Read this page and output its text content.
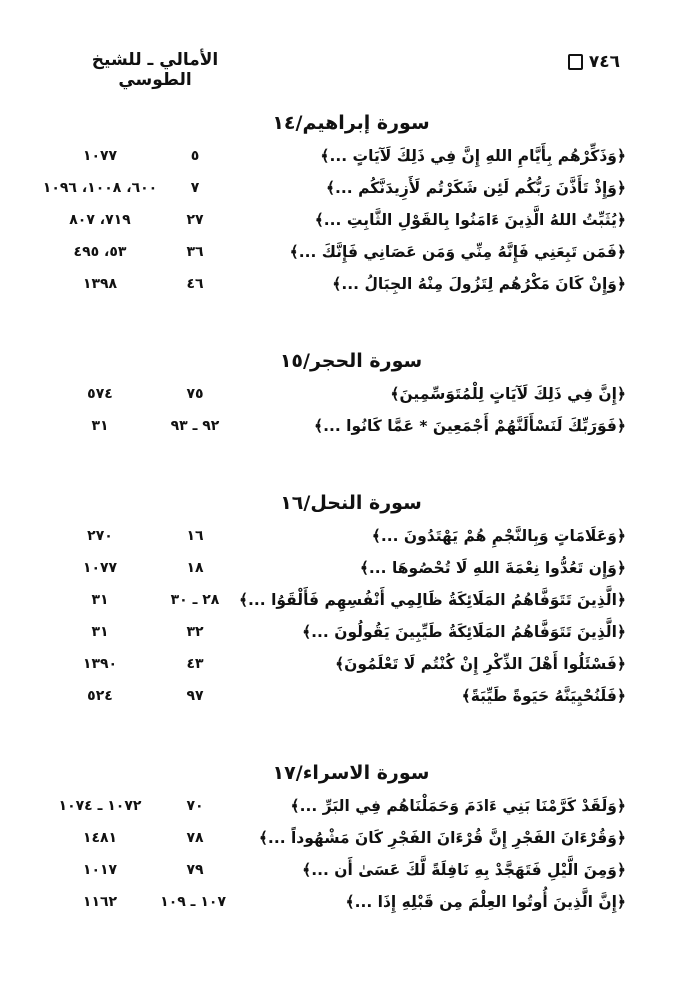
٧٤٦
الأمالي ـ للشيخ الطوسي
سورة إبراهيم/١٤
﴿وَذَكِّرْهُم بِأَيَّامِ اللهِ إِنَّ فِي ذَلِكَ لَآيَاتٍ ...﴾
٥
١٠٧٧
﴿وَإِذْ تَأَذَّنَ رَبُّكُم لَئِن شَكَرْتُم لَأَزِيدَنَّكُم ...﴾
٧
٦٠٠، ١٠٠٨، ١٠٩٦
﴿يُثَبِّتُ اللهُ الَّذِينَ ءَامَنُوا بِالقَوْلِ الثَّابِتِ ...﴾
٢٧
٧١٩، ٨٠٧
﴿فَمَن تَبِعَنِي فَإِنَّهُ مِنِّي وَمَن عَصَانِي فَإِنَّكَ ...﴾
٣٦
٥٣، ٤٩٥
﴿وَإِنْ كَانَ مَكْرُهُم لِتَزُولَ مِنْهُ الجِبَالُ ...﴾
٤٦
١٣٩٨
سورة الحجر/١٥
﴿إِنَّ فِي ذَلِكَ لَآيَاتٍ لِلْمُتَوَسِّمِينَ﴾
٧٥
٥٧٤
﴿فَوَرَبِّكَ لَنَسْأَلَنَّهُمْ أَجْمَعِينَ * عَمَّا كَانُوا ...﴾
٩٢ ـ ٩٣
٣١
سورة النحل/١٦
﴿وَعَلَامَاتٍ وَبِالنَّجْمِ هُمْ يَهْتَدُونَ ...﴾
١٦
٢٧٠
﴿وَإِن تَعُدُّوا نِعْمَةَ اللهِ لَا تُحْصُوهَا ...﴾
١٨
١٠٧٧
﴿الَّذِينَ تَتَوَفَّاهُمُ المَلَائِكَةُ ظَالِمِي أَنْفُسِهِم فَأَلْقَوُا ...﴾
٢٨ ـ ٣٠
٣١
﴿الَّذِينَ تَتَوَفَّاهُمُ المَلَائِكَةُ طَيِّبِينَ يَقُولُونَ ...﴾
٣٢
٣١
﴿فَسْئَلُوا أَهْلَ الذِّكْرِ إِنْ كُنْتُم لَا تَعْلَمُونَ﴾
٤٣
١٣٩٠
﴿فَلَنُحْيِيَنَّهُ حَيَوةً طَيِّبَةً﴾
٩٧
٥٢٤
سورة الاسراء/١٧
﴿وَلَقَدْ كَرَّمْنَا بَنِي ءَادَمَ وَحَمَلْنَاهُم فِي البَرِّ ...﴾
٧٠
١٠٧٢ ـ ١٠٧٤
﴿وَقُرْءَانَ الفَجْرِ إِنَّ قُرْءَانَ الفَجْرِ كَانَ مَشْهُوداً ...﴾
٧٨
١٤٨١
﴿وَمِنَ الَّيْلِ فَتَهَجَّدْ بِهِ نَافِلَةً لَّكَ عَسَىٰ أَن ...﴾
٧٩
١٠١٧
﴿إِنَّ الَّذِينَ أُوتُوا العِلْمَ مِن قَبْلِهِ إِذَا ...﴾
١٠٧ ـ ١٠٩
١١٦٢
